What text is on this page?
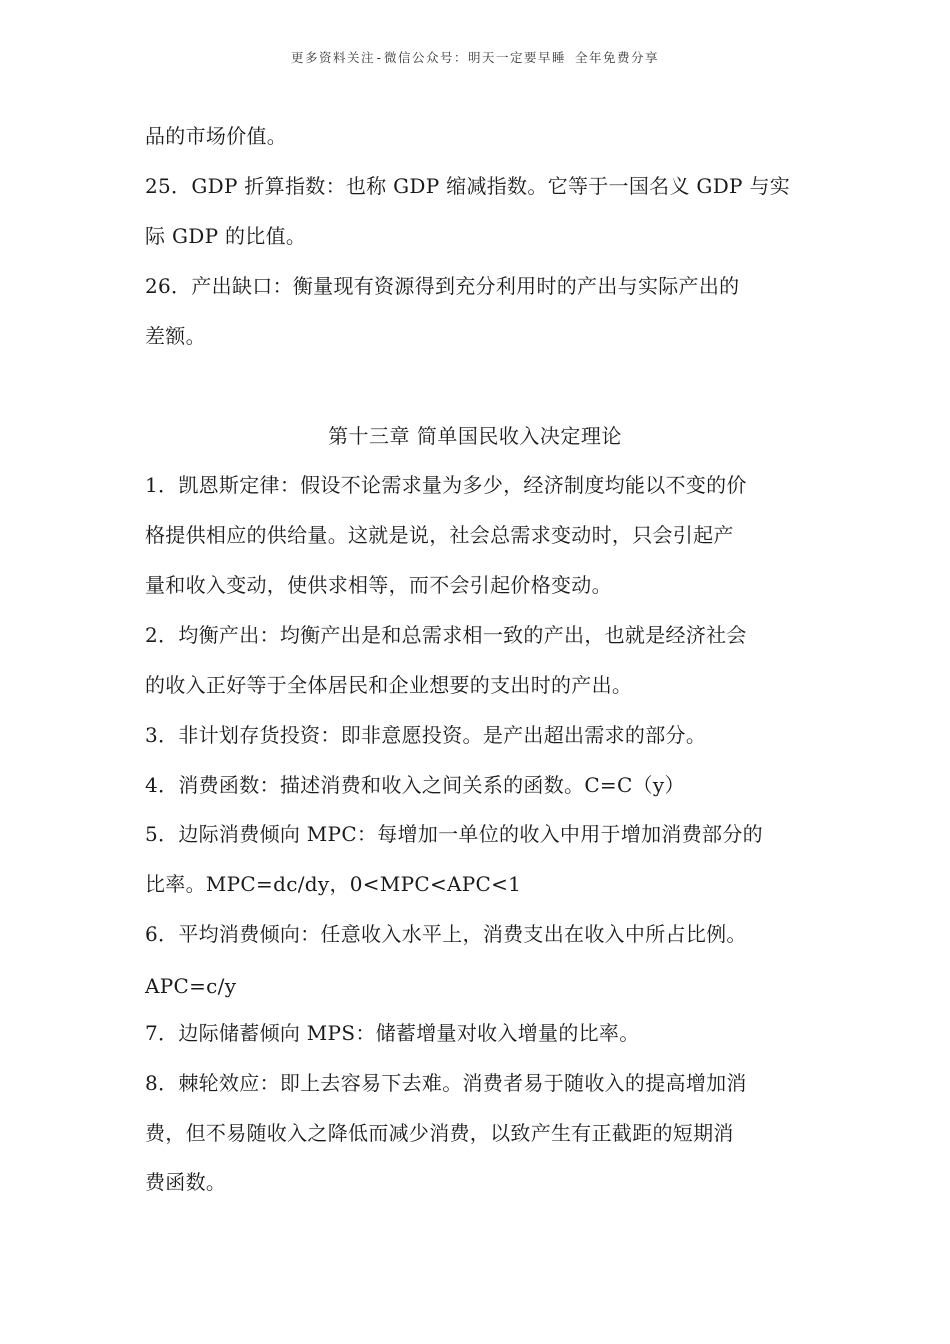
更多资料关注-微信公众号：明天一定要早睡 全年免费分享
品的市场价值。
25．GDP 折算指数：也称 GDP 缩减指数。它等于一国名义 GDP 与实
际 GDP 的比值。
26．产出缺口：衡量现有资源得到充分利用时的产出与实际产出的
差额。
第十三章 简单国民收入决定理论
1．凯恩斯定律：假设不论需求量为多少，经济制度均能以不变的价
格提供相应的供给量。这就是说，社会总需求变动时，只会引起产
量和收入变动，使供求相等，而不会引起价格变动。
2．均衡产出：均衡产出是和总需求相一致的产出，也就是经济社会
的收入正好等于全体居民和企业想要的支出时的产出。
3．非计划存货投资：即非意愿投资。是产出超出需求的部分。
4．消费函数：描述消费和收入之间关系的函数。C=C（y）
5．边际消费倾向 MPC：每增加一单位的收入中用于增加消费部分的
比率。MPC=dc/dy，0<MPC<APC<1
6．平均消费倾向：任意收入水平上，消费支出在收入中所占比例。
APC=c/y
7．边际储蓄倾向 MPS：储蓄增量对收入增量的比率。
8．棘轮效应：即上去容易下去难。消费者易于随收入的提高增加消
费，但不易随收入之降低而减少消费，以致产生有正截距的短期消
费函数。
